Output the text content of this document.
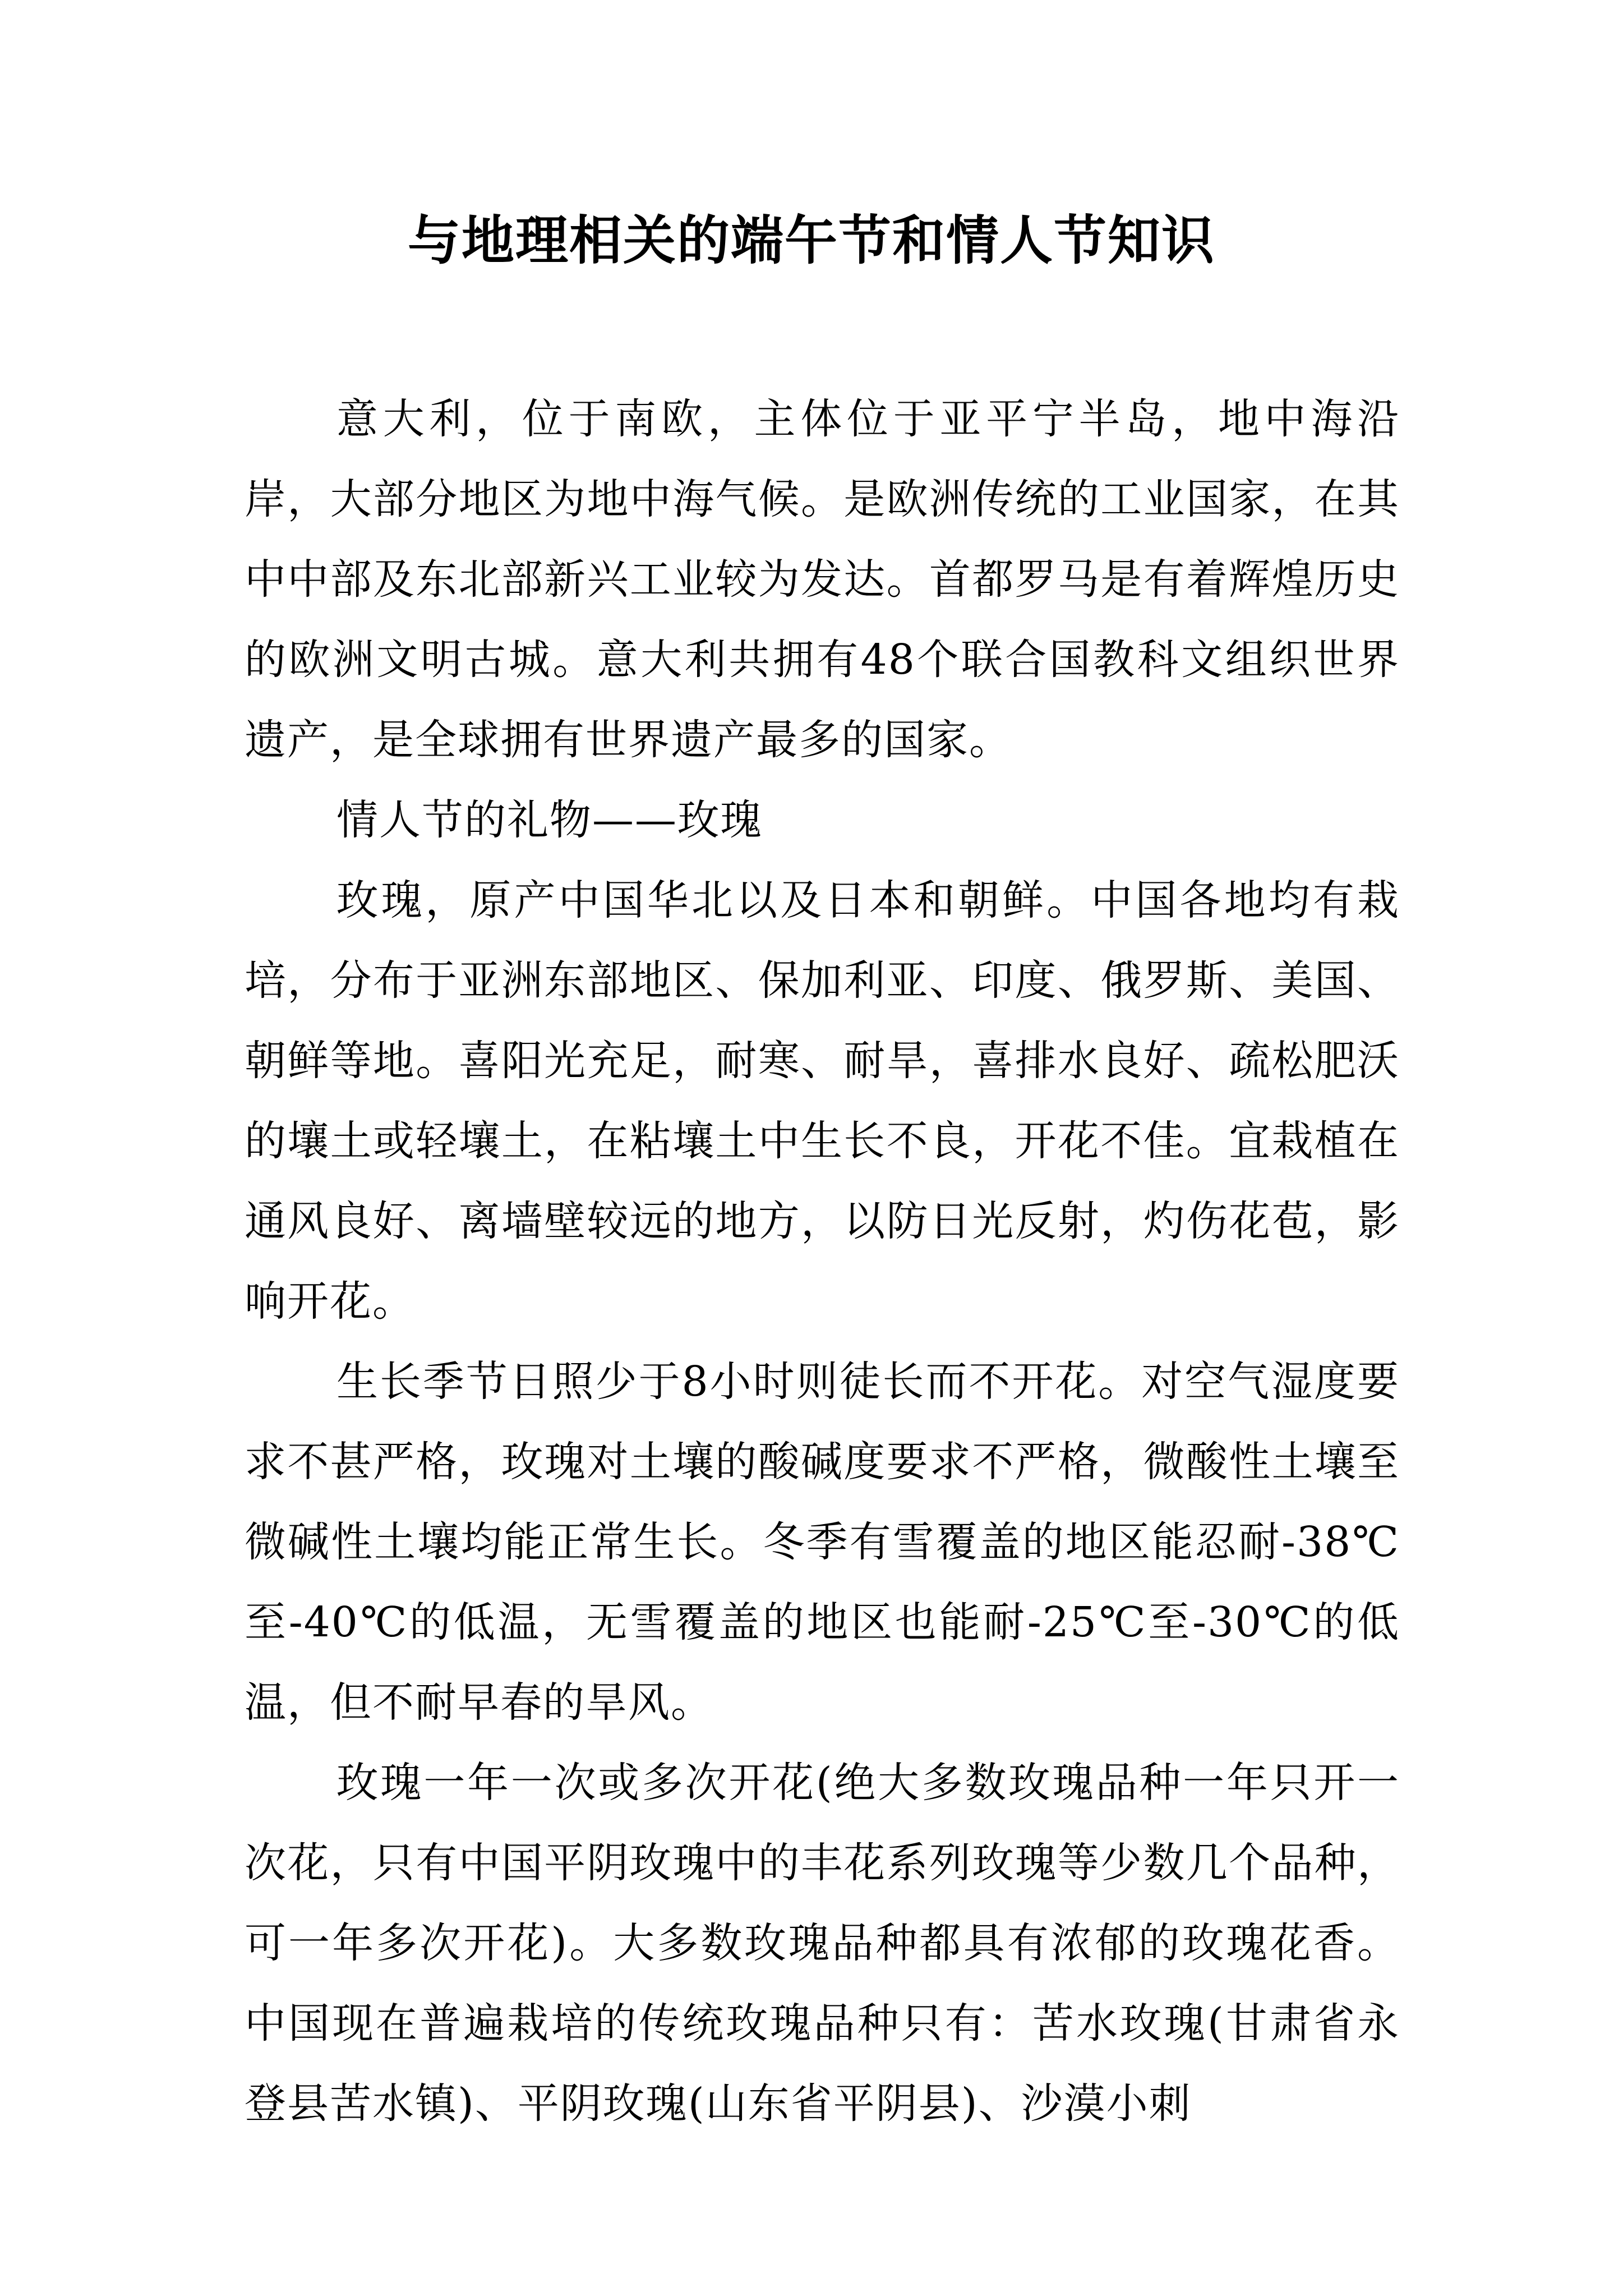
与地理相关的端午节和情人节知识

意大利，位于南欧，主体位于亚平宁半岛，地中海沿岸，大部分地区为地中海气候。是欧洲传统的工业国家，在其中中部及东北部新兴工业较为发达。首都罗马是有着辉煌历史的欧洲文明古城。意大利共拥有48个联合国教科文组织世界遗产，是全球拥有世界遗产最多的国家。

情人节的礼物——玫瑰

玫瑰，原产中国华北以及日本和朝鲜。中国各地均有栽培，分布于亚洲东部地区、保加利亚、印度、俄罗斯、美国、朝鲜等地。喜阳光充足，耐寒、耐旱，喜排水良好、疏松肥沃的壤土或轻壤土，在粘壤土中生长不良，开花不佳。宜栽植在通风良好、离墙壁较远的地方，以防日光反射，灼伤花苞，影响开花。

生长季节日照少于8小时则徒长而不开花。对空气湿度要求不甚严格，玫瑰对土壤的酸碱度要求不严格，微酸性土壤至微碱性土壤均能正常生长。冬季有雪覆盖的地区能忍耐-38℃至-40℃的低温，无雪覆盖的地区也能耐-25℃至-30℃的低温，但不耐早春的旱风。

玫瑰一年一次或多次开花(绝大多数玫瑰品种一年只开一次花，只有中国平阴玫瑰中的丰花系列玫瑰等少数几个品种，可一年多次开花)。大多数玫瑰品种都具有浓郁的玫瑰花香。中国现在普遍栽培的传统玫瑰品种只有：苦水玫瑰(甘肃省永登县苦水镇)、平阴玫瑰(山东省平阴县)、沙漠小刺
